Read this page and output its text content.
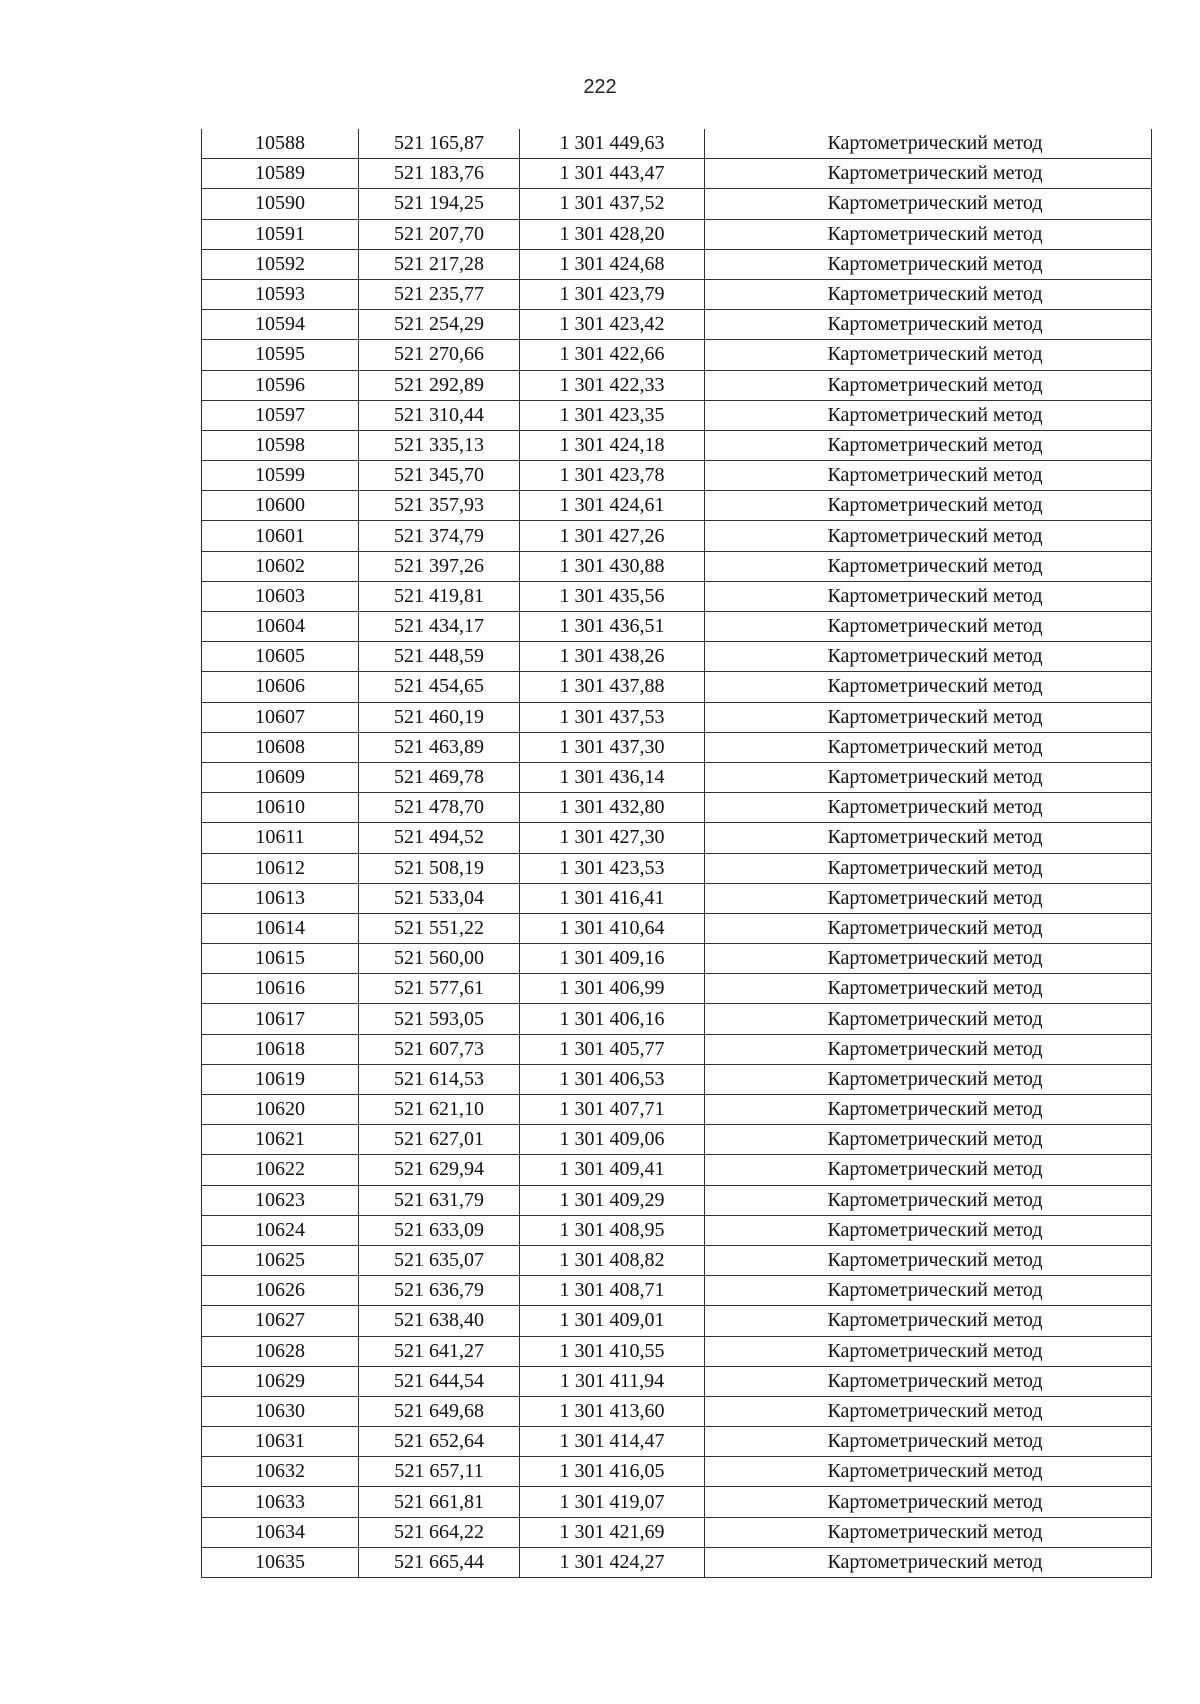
222
10588	521 165,87	1 301 449,63	Картометрический метод
10589	521 183,76	1 301 443,47	Картометрический метод
10590	521 194,25	1 301 437,52	Картометрический метод
10591	521 207,70	1 301 428,20	Картометрический метод
10592	521 217,28	1 301 424,68	Картометрический метод
10593	521 235,77	1 301 423,79	Картометрический метод
10594	521 254,29	1 301 423,42	Картометрический метод
10595	521 270,66	1 301 422,66	Картометрический метод
10596	521 292,89	1 301 422,33	Картометрический метод
10597	521 310,44	1 301 423,35	Картометрический метод
10598	521 335,13	1 301 424,18	Картометрический метод
10599	521 345,70	1 301 423,78	Картометрический метод
10600	521 357,93	1 301 424,61	Картометрический метод
10601	521 374,79	1 301 427,26	Картометрический метод
10602	521 397,26	1 301 430,88	Картометрический метод
10603	521 419,81	1 301 435,56	Картометрический метод
10604	521 434,17	1 301 436,51	Картометрический метод
10605	521 448,59	1 301 438,26	Картометрический метод
10606	521 454,65	1 301 437,88	Картометрический метод
10607	521 460,19	1 301 437,53	Картометрический метод
10608	521 463,89	1 301 437,30	Картометрический метод
10609	521 469,78	1 301 436,14	Картометрический метод
10610	521 478,70	1 301 432,80	Картометрический метод
10611	521 494,52	1 301 427,30	Картометрический метод
10612	521 508,19	1 301 423,53	Картометрический метод
10613	521 533,04	1 301 416,41	Картометрический метод
10614	521 551,22	1 301 410,64	Картометрический метод
10615	521 560,00	1 301 409,16	Картометрический метод
10616	521 577,61	1 301 406,99	Картометрический метод
10617	521 593,05	1 301 406,16	Картометрический метод
10618	521 607,73	1 301 405,77	Картометрический метод
10619	521 614,53	1 301 406,53	Картометрический метод
10620	521 621,10	1 301 407,71	Картометрический метод
10621	521 627,01	1 301 409,06	Картометрический метод
10622	521 629,94	1 301 409,41	Картометрический метод
10623	521 631,79	1 301 409,29	Картометрический метод
10624	521 633,09	1 301 408,95	Картометрический метод
10625	521 635,07	1 301 408,82	Картометрический метод
10626	521 636,79	1 301 408,71	Картометрический метод
10627	521 638,40	1 301 409,01	Картометрический метод
10628	521 641,27	1 301 410,55	Картометрический метод
10629	521 644,54	1 301 411,94	Картометрический метод
10630	521 649,68	1 301 413,60	Картометрический метод
10631	521 652,64	1 301 414,47	Картометрический метод
10632	521 657,11	1 301 416,05	Картометрический метод
10633	521 661,81	1 301 419,07	Картометрический метод
10634	521 664,22	1 301 421,69	Картометрический метод
10635	521 665,44	1 301 424,27	Картометрический метод
